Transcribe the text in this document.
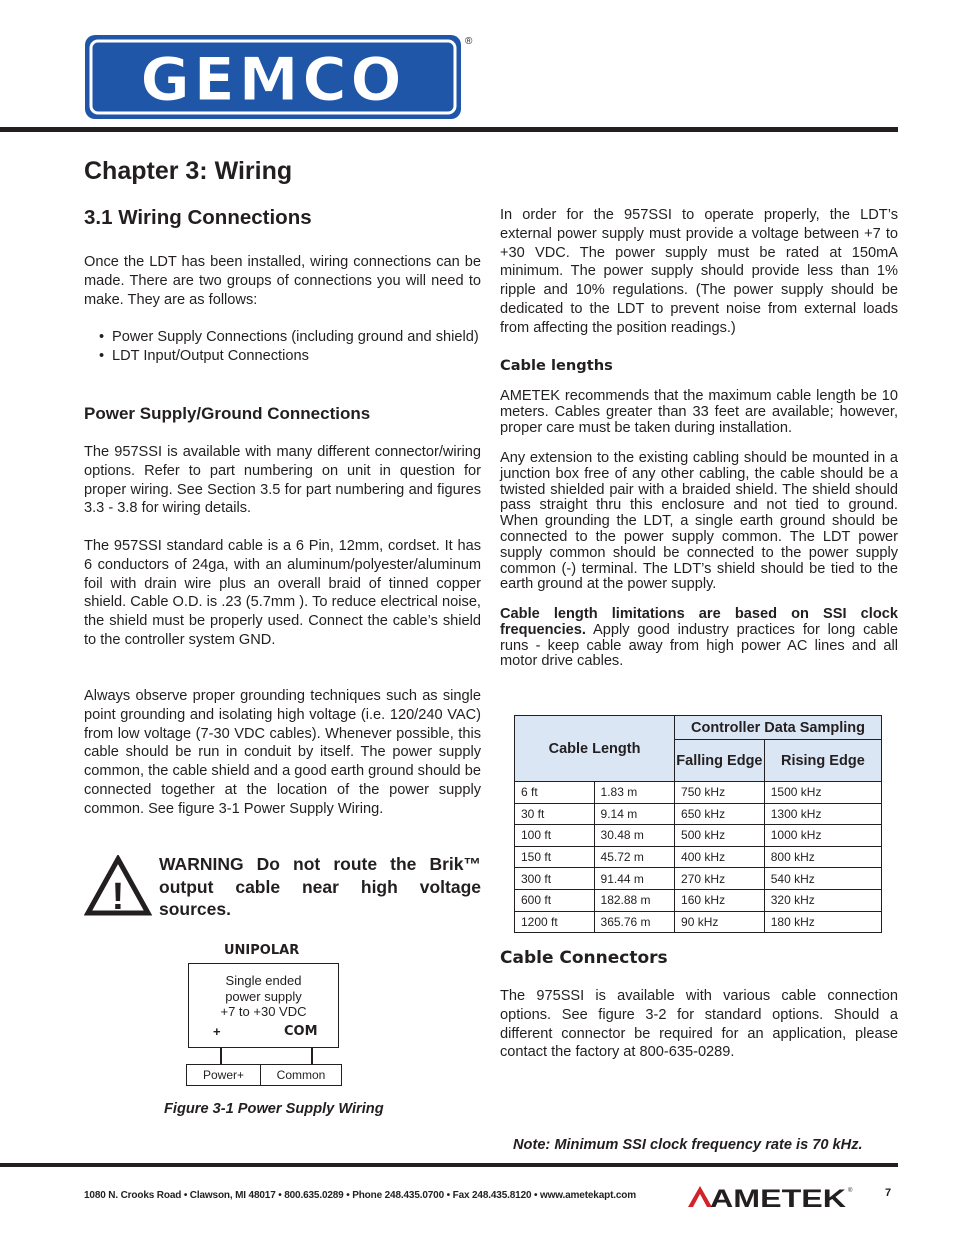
GEMCO
®
Chapter 3: Wiring
3.1 Wiring Connections

Once the LDT has been installed, wiring connections can be made. There are two groups of connections you will need to make. They are as follows:

• Power Supply Connections (including ground and shield)
• LDT Input/Output Connections
Power Supply/Ground Connections

The 957SSI is available with many different connector/wiring options. Refer to part numbering on unit in question for proper wiring. See Section 3.5 for part numbering and figures 3.3 - 3.8 for wiring details.

The 957SSI standard cable is a 6 Pin, 12mm, cordset. It has 6 conductors of 24ga, with an aluminum/polyester/aluminum foil with drain wire plus an overall braid of tinned copper shield. Cable O.D. is .23 (5.7mm ). To reduce electrical noise, the shield must be properly used. Connect the cable’s shield to the controller system GND.

Always observe proper grounding techniques such as single point grounding and isolating high voltage (i.e. 120/240 VAC) from low voltage (7-30 VDC cables). Whenever possible, this cable should be run in conduit by itself. The power supply common, the cable shield and a good earth ground should be connected together at the location of the power supply common. See figure 3-1 Power Supply Wiring.

!
WARNING Do not route the Brik™ output cable near high voltage sources.
UNIPOLAR
Single ended
power supply
+7 to +30 VDC
+	COM
Power+	Common
Figure 3-1 Power Supply Wiring

In order for the 957SSI to operate properly, the LDT’s external power supply must provide a voltage between +7 to +30 VDC. The power supply must be rated at 150mA minimum. The power supply should provide less than 1% ripple and 10% regulations. (The power supply should be dedicated to the LDT to prevent noise from external loads from affecting the position readings.)

Cable lengths

AMETEK recommends that the maximum cable length be 10 meters. Cables greater than 33 feet are available; however, proper care must be taken during installation.

Any extension to the existing cabling should be mounted in a junction box free of any other cabling, the cable should be a twisted shielded pair with a braided shield. The shield should pass straight thru this enclosure and not tied to ground. When grounding the LDT, a single earth ground should be connected to the power supply common. The LDT power supply common should be connected to the power supply common (-) terminal. The LDT’s shield should be tied to the earth ground at the power supply.

Cable length limitations are based on SSI clock frequencies. Apply good industry practices for long cable runs - keep cable away from high power AC lines and all motor drive cables.

Cable Length		Controller Data Sampling	
		Falling Edge	Rising Edge
6 ft	1.83 m	750 kHz	1500 kHz
30 ft	9.14 m	650 kHz	1300 kHz
100 ft	30.48 m	500 kHz	1000 kHz
150 ft	45.72 m	400 kHz	800 kHz
300 ft	91.44 m	270 kHz	540 kHz
600 ft	182.88 m	160 kHz	320 kHz
1200 ft	365.76 m	90 kHz	180 kHz
Cable Connectors

The 975SSI is available with various cable connection options. See figure 3-2 for standard options. Should a different connector be required for an application, please contact the factory at 800-635-0289.

Note: Minimum SSI clock frequency rate is 70 kHz.
1080 N. Crooks Road • Clawson, MI 48017 • 800.635.0289 • Phone 248.435.0700 • Fax 248.435.8120 • www.ametekapt.com	AMETEK ®	7
